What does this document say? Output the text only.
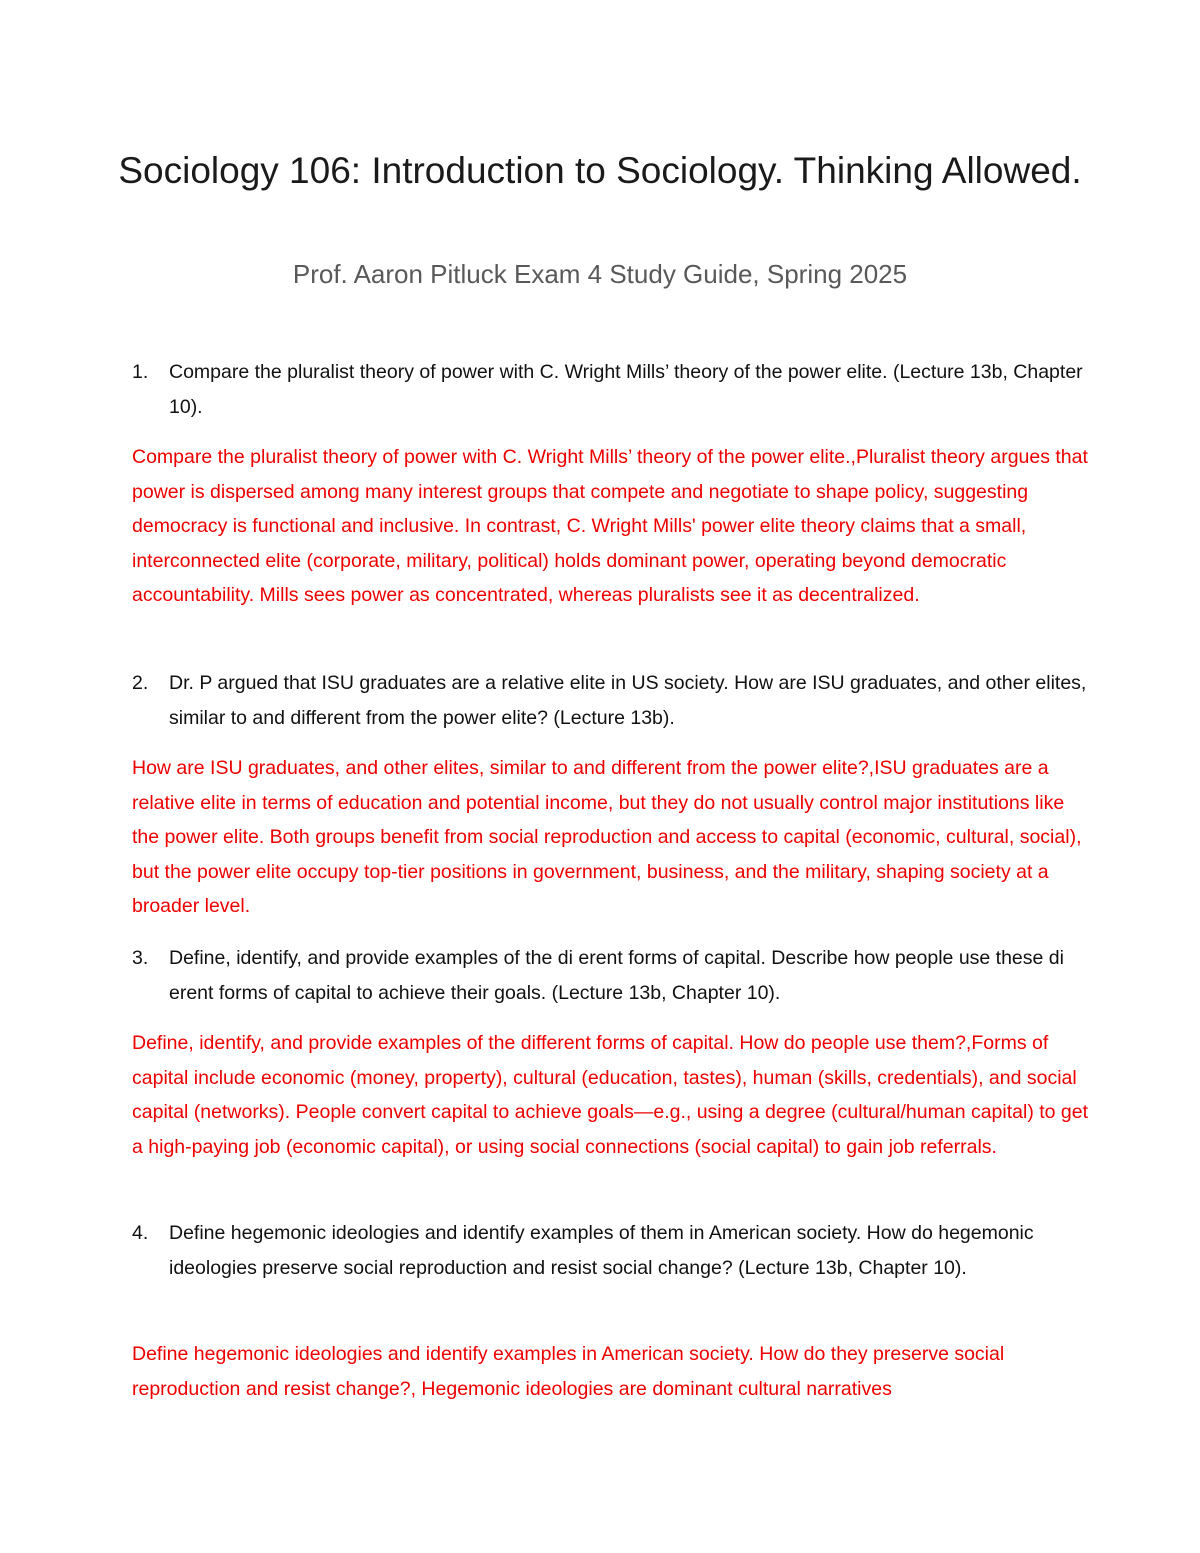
Sociology 106: Introduction to Sociology. Thinking Allowed.

Prof. Aaron Pitluck Exam 4 Study Guide, Spring 2025

1.	Compare the pluralist theory of power with C. Wright Mills’ theory of the power elite. (Lecture 13b, Chapter 10).
Compare the pluralist theory of power with C. Wright Mills’ theory of the power elite.,Pluralist theory argues that power is dispersed among many interest groups that compete and negotiate to shape policy, suggesting democracy is functional and inclusive. In contrast, C. Wright Mills' power elite theory claims that a small, interconnected elite (corporate, military, political) holds dominant power, operating beyond democratic accountability. Mills sees power as concentrated, whereas pluralists see it as decentralized.
2.	Dr. P argued that ISU graduates are a relative elite in US society. How are ISU graduates, and other elites, similar to and different from the power elite? (Lecture 13b).
How are ISU graduates, and other elites, similar to and different from the power elite?,ISU graduates are a relative elite in terms of education and potential income, but they do not usually control major institutions like the power elite. Both groups benefit from social reproduction and access to capital (economic, cultural, social), but the power elite occupy top-tier positions in government, business, and the military, shaping society at a broader level.
3.	Define, identify, and provide examples of the di erent forms of capital. Describe how people use these di erent forms of capital to achieve their goals. (Lecture 13b, Chapter 10).
Define, identify, and provide examples of the different forms of capital. How do people use them?,Forms of capital include economic (money, property), cultural (education, tastes), human (skills, credentials), and social capital (networks). People convert capital to achieve goals—e.g., using a degree (cultural/human capital) to get a high-paying job (economic capital), or using social connections (social capital) to gain job referrals.
4.	Define hegemonic ideologies and identify examples of them in American society. How do hegemonic ideologies preserve social reproduction and resist social change? (Lecture 13b, Chapter 10).
Define hegemonic ideologies and identify examples in American society. How do they preserve social reproduction and resist change?, Hegemonic ideologies are dominant cultural narratives
